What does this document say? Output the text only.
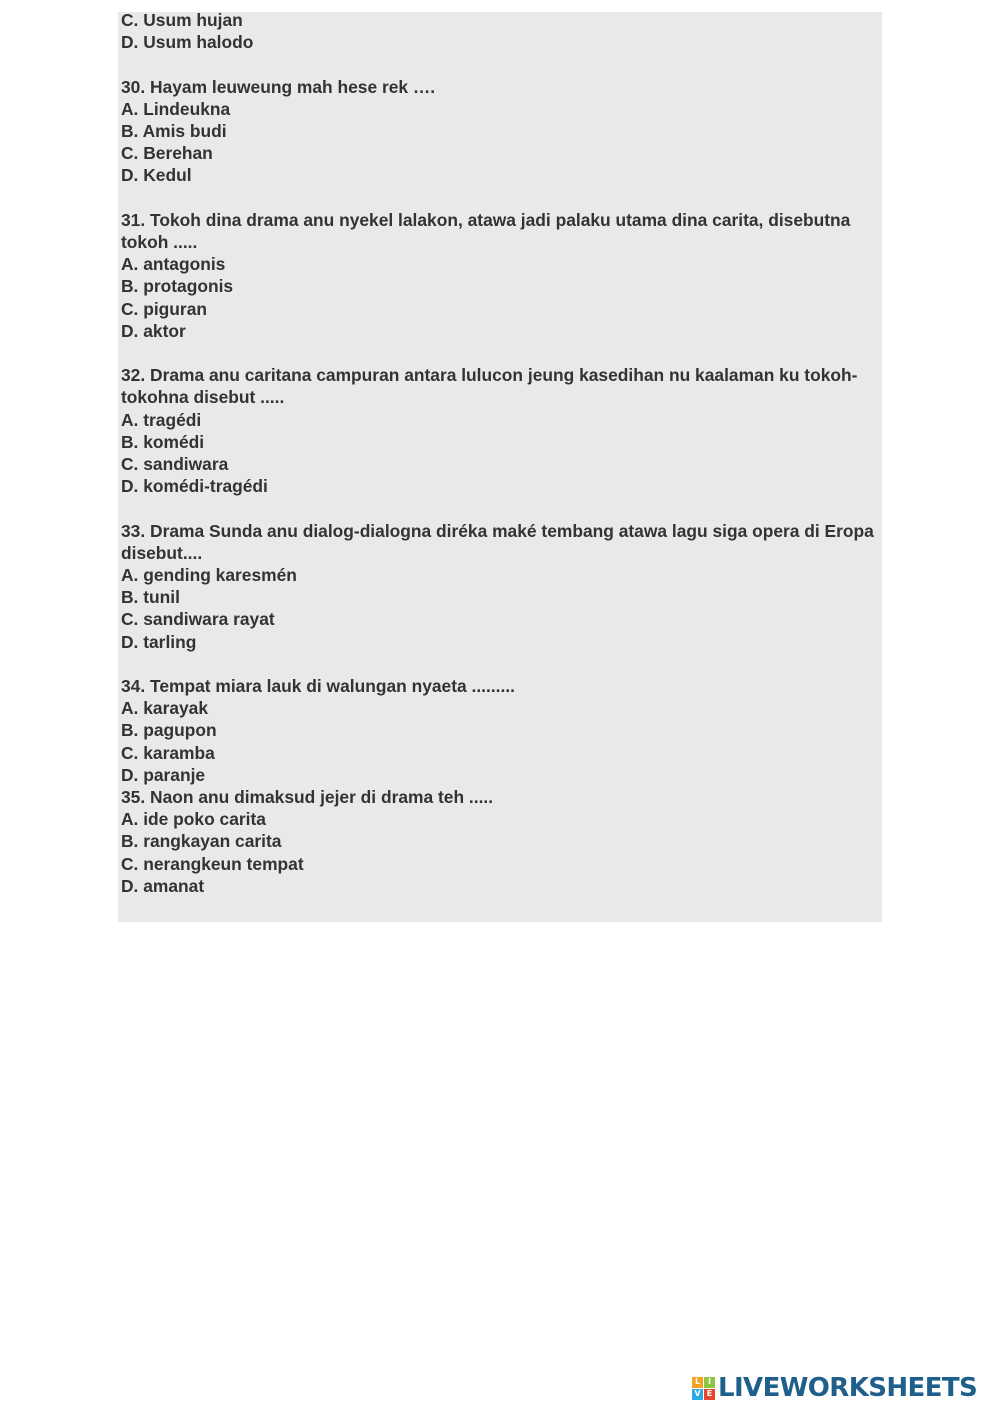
C. Usum hujan
D. Usum halodo
30. Hayam leuweung mah hese rek ….
A. Lindeukna
B. Amis budi
C. Berehan
D. Kedul
31. Tokoh dina drama anu nyekel lalakon, atawa jadi palaku utama dina carita, disebutna tokoh .....
A. antagonis
B. protagonis
C. piguran
D. aktor
32. Drama anu caritana campuran antara lulucon jeung kasedihan nu kaalaman ku tokoh-tokohna disebut .....
A. tragédi
B. komédi
C. sandiwara
D. komédi-tragédi
33. Drama Sunda anu dialog-dialogna diréka maké tembang atawa lagu siga opera di Eropa disebut....
A. gending karesmén
B. tunil
C. sandiwara rayat
D. tarling
34. Tempat miara lauk di walungan nyaeta .........
A. karayak
B. pagupon
C. karamba
D. paranje
35. Naon anu dimaksud jejer di drama teh .....
A. ide poko carita
B. rangkayan carita
C. nerangkeun tempat
D. amanat
L I
V E LIVEWORKSHEETS
